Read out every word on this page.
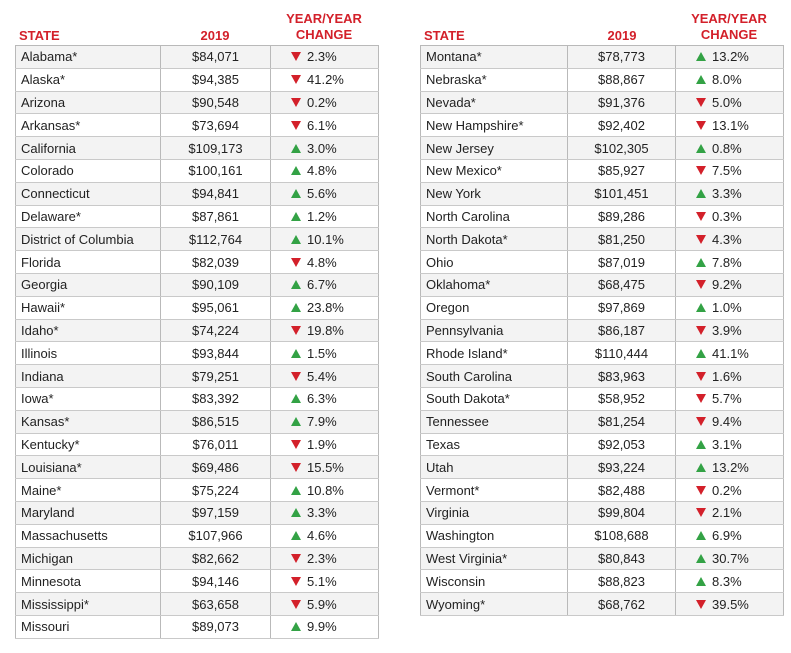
STATE	2019
YEAR/YEAR
CHANGE
Alabama*	$84,071	2.3%
Alaska*	$94,385	41.2%
Arizona	$90,548	0.2%
Arkansas*	$73,694	6.1%
California	$109,173	3.0%
Colorado	$100,161	4.8%
Connecticut	$94,841	5.6%
Delaware*	$87,861	1.2%
District of Columbia	$112,764	10.1%
Florida	$82,039	4.8%
Georgia	$90,109	6.7%
Hawaii*	$95,061	23.8%
Idaho*	$74,224	19.8%
Illinois	$93,844	1.5%
Indiana	$79,251	5.4%
Iowa*	$83,392	6.3%
Kansas*	$86,515	7.9%
Kentucky*	$76,011	1.9%
Louisiana*	$69,486	15.5%
Maine*	$75,224	10.8%
Maryland	$97,159	3.3%
Massachusetts	$107,966	4.6%
Michigan	$82,662	2.3%
Minnesota	$94,146	5.1%
Mississippi*	$63,658	5.9%
Missouri	$89,073	9.9%
STATE	2019
YEAR/YEAR
CHANGE
Montana*	$78,773	13.2%
Nebraska*	$88,867	8.0%
Nevada*	$91,376	5.0%
New Hampshire*	$92,402	13.1%
New Jersey	$102,305	0.8%
New Mexico*	$85,927	7.5%
New York	$101,451	3.3%
North Carolina	$89,286	0.3%
North Dakota*	$81,250	4.3%
Ohio	$87,019	7.8%
Oklahoma*	$68,475	9.2%
Oregon	$97,869	1.0%
Pennsylvania	$86,187	3.9%
Rhode Island*	$110,444	41.1%
South Carolina	$83,963	1.6%
South Dakota*	$58,952	5.7%
Tennessee	$81,254	9.4%
Texas	$92,053	3.1%
Utah	$93,224	13.2%
Vermont*	$82,488	0.2%
Virginia	$99,804	2.1%
Washington	$108,688	6.9%
West Virginia*	$80,843	30.7%
Wisconsin	$88,823	8.3%
Wyoming*	$68,762	39.5%
